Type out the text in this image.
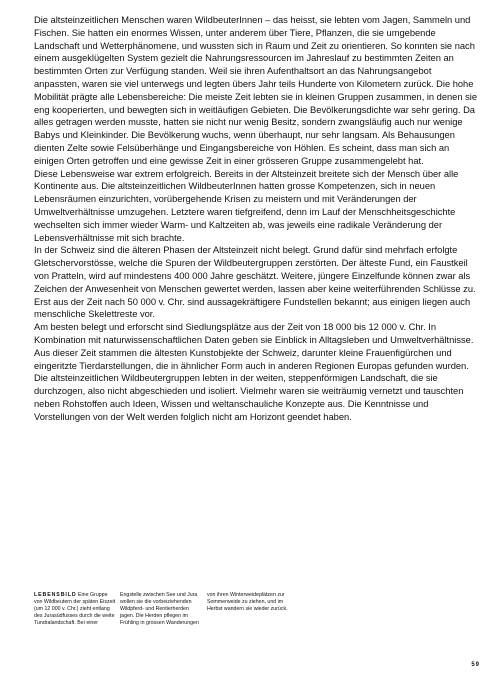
Die altsteinzeitlichen Menschen waren WildbeuterInnen – das heisst, sie lebten vom Jagen, Sammeln und Fischen. Sie hatten ein enormes Wissen, unter anderem über Tiere, Pflanzen, die sie umgebende Landschaft und Wetterphänomene, und wussten sich in Raum und Zeit zu orientieren. So konnten sie nach einem ausgeklügelten System gezielt die Nahrungsressourcen im Jahreslauf zu bestimmten Zeiten an bestimmten Orten zur Verfügung standen. Weil sie ihren Aufenthaltsort an das Nahrungsangebot anpassten, waren sie viel unterwegs und legten übers Jahr teils Hunderte von Kilometern zurück. Die hohe Mobilität prägte alle Lebensbereiche: Die meiste Zeit lebten sie in kleinen Gruppen zusammen, in denen sie eng kooperierten, und bewegten sich in weitläufigen Gebieten. Die Bevölkerungsdichte war sehr gering. Da alles getragen werden musste, hatten sie nicht nur wenig Besitz, sondern zwangsläufig auch nur wenige Babys und Kleinkinder. Die Bevölkerung wuchs, wenn überhaupt, nur sehr langsam. Als Behausungen dienten Zelte sowie Felsüberhänge und Eingangsbereiche von Höhlen. Es scheint, dass man sich an einigen Orten getroffen und eine gewisse Zeit in einer grösseren Gruppe zusammengelebt hat.

Diese Lebensweise war extrem erfolgreich. Bereits in der Altsteinzeit breitete sich der Mensch über alle Kontinente aus. Die altsteinzeitlichen WildbeuterInnen hatten grosse Kompetenzen, sich in neuen Lebensräumen einzurichten, vorübergehende Krisen zu meistern und mit Veränderungen der Umweltverhältnisse umzugehen. Letztere waren tiefgreifend, denn im Lauf der Menschheitsgeschichte wechselten sich immer wieder Warm- und Kaltzeiten ab, was jeweils eine radikale Veränderung der Lebensverhältnisse mit sich brachte.

In der Schweiz sind die älteren Phasen der Altsteinzeit nicht belegt. Grund dafür sind mehrfach erfolgte Gletschervorstösse, welche die Spuren der Wildbeutergruppen zerstörten. Der älteste Fund, ein Faustkeil von Pratteln, wird auf mindestens 400 000 Jahre geschätzt. Weitere, jüngere Einzelfunde können zwar als Zeichen der Anwesenheit von Menschen gewertet werden, lassen aber keine weiterführenden Schlüsse zu. Erst aus der Zeit nach 50 000 v. Chr. sind aussagekräftigere Fundstellen bekannt; aus einigen liegen auch menschliche Skelettreste vor.

Am besten belegt und erforscht sind Siedlungsplätze aus der Zeit von 18 000 bis 12 000 v. Chr. In Kombination mit naturwissenschaftlichen Daten geben sie Einblick in Alltagsleben und Umweltverhältnisse. Aus dieser Zeit stammen die ältesten Kunstobjekte der Schweiz, darunter kleine Frauenfigürchen und eingeritzte Tierdarstellungen, die in ähnlicher Form auch in anderen Regionen Europas gefunden wurden. Die altsteinzeitlichen Wildbeutergruppen lebten in der weiten, steppenförmigen Landschaft, die sie durchzogen, also nicht abgeschieden und isoliert. Vielmehr waren sie weiträumig vernetzt und tauschten neben Rohstoffen auch Ideen, Wissen und weltanschauliche Konzepte aus. Die Kenntnisse und Vorstellungen von der Welt werden folglich nicht am Horizont geendet haben.

LEBENSBILD Eine Gruppe von Wildbeutern der späten Eiszeit (um 12 000 v. Chr.) zieht entlang des Jurasüdfusses durch die weite Tundralandschaft. Bei einer
Engstelle zwischen See und Jura wollen sie die vorbeiziehenden Wildpferd- und Rentierherden jagen. Die Herden pflegen im Frühling in grossen Wanderungen
von ihren Winterweideplätzen zur Sommerweide zu ziehen, und im Herbst wandern sie wieder zurück.
59
